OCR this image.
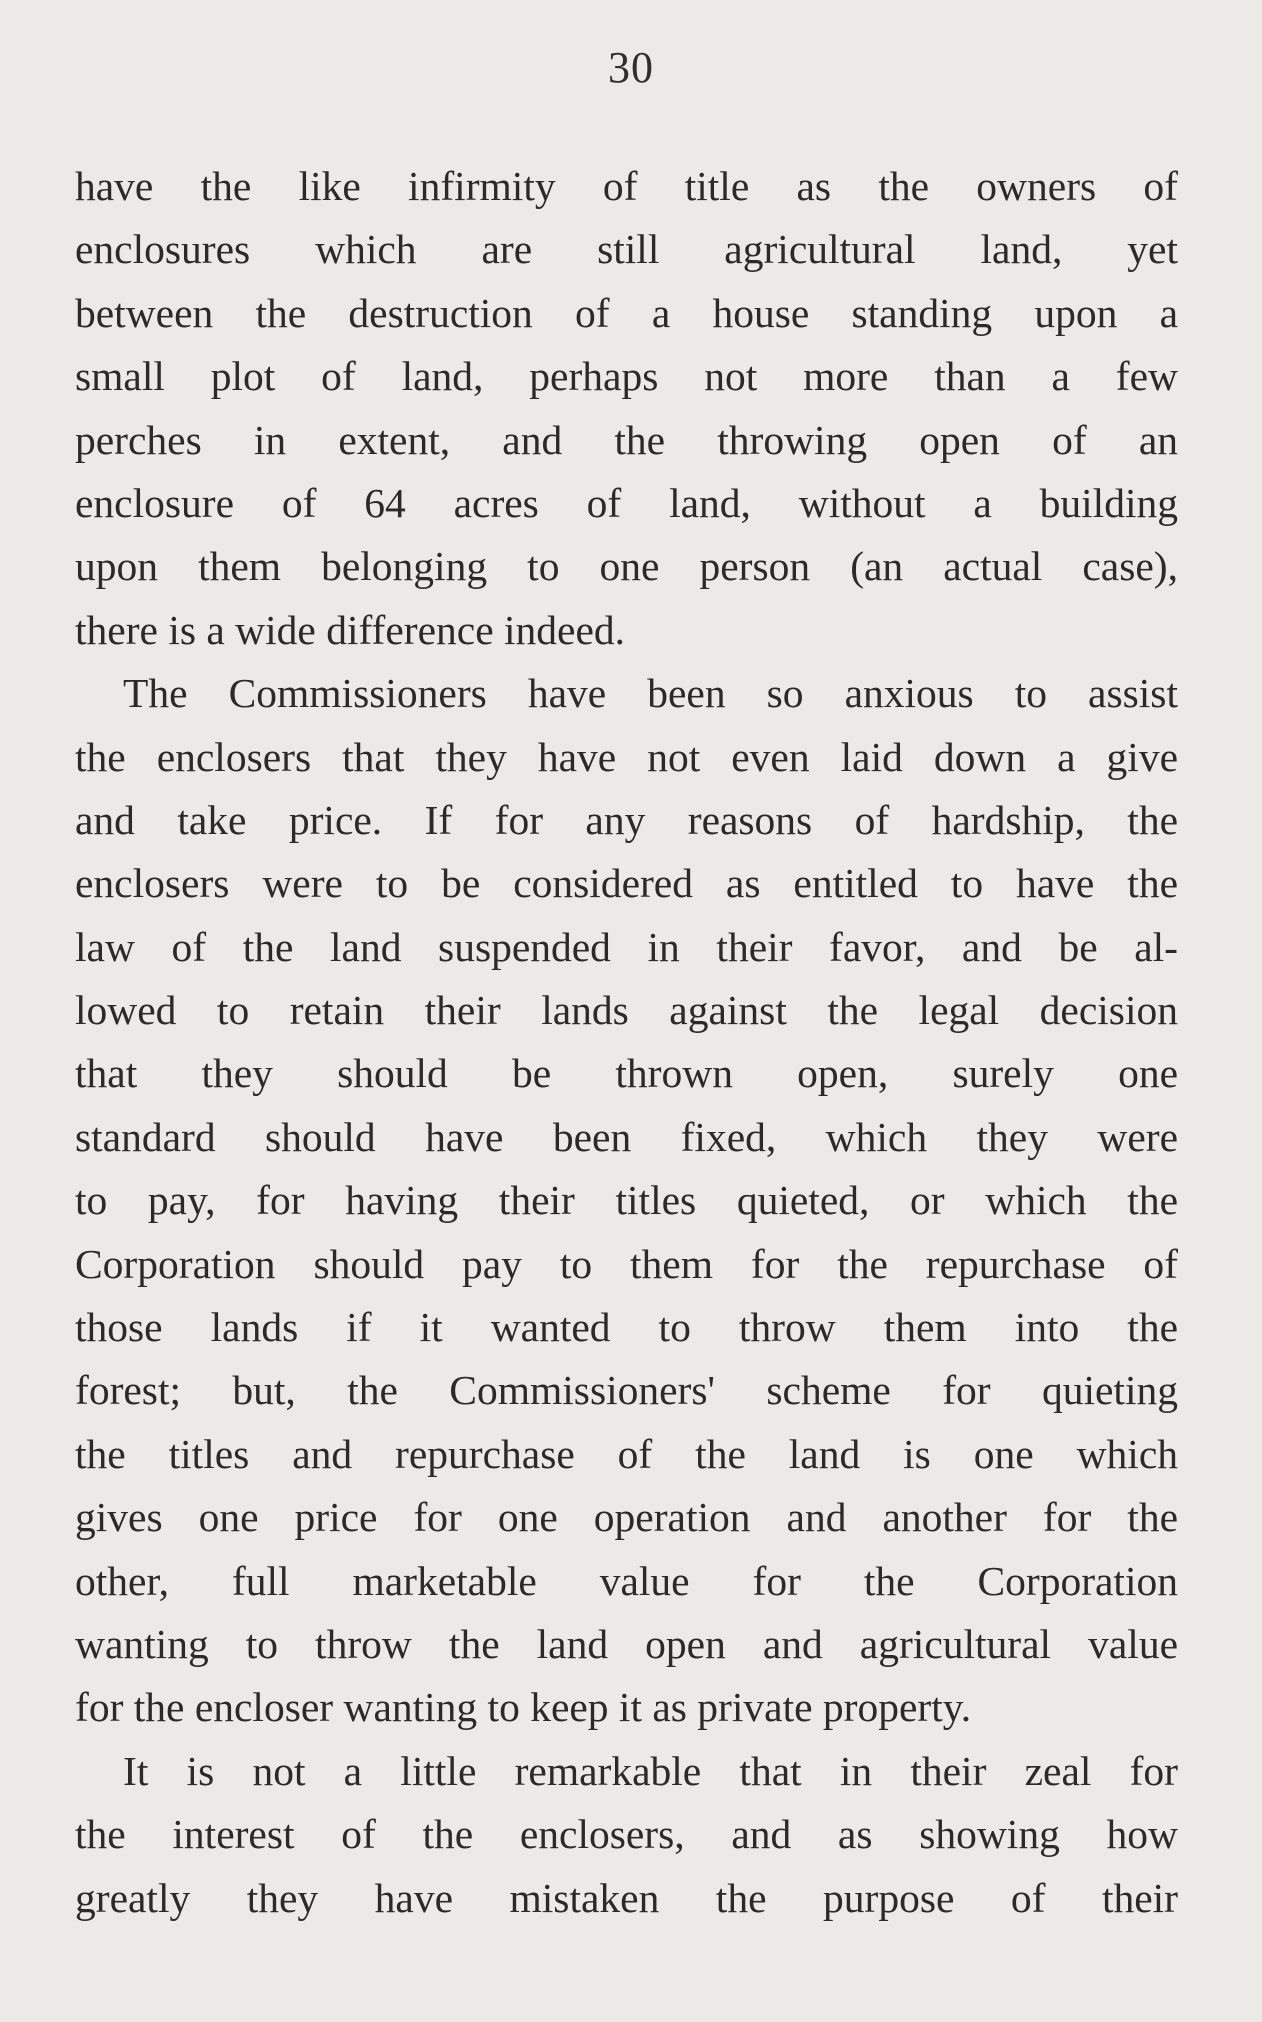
30
have the like infirmity of title as the owners of
enclosures which are still agricultural land, yet
between the destruction of a house standing upon a
small plot of land, perhaps not more than a few
perches in extent, and the throwing open of an
enclosure of 64 acres of land, without a building
upon them belonging to one person (an actual case),
there is a wide difference indeed.
The Commissioners have been so anxious to assist
the enclosers that they have not even laid down a give
and take price. If for any reasons of hardship, the
enclosers were to be considered as entitled to have the
law of the land suspended in their favor, and be al-
lowed to retain their lands against the legal decision
that they should be thrown open, surely one
standard should have been fixed, which they were
to pay, for having their titles quieted, or which the
Corporation should pay to them for the repurchase of
those lands if it wanted to throw them into the
forest; but, the Commissioners' scheme for quieting
the titles and repurchase of the land is one which
gives one price for one operation and another for the
other, full marketable value for the Corporation
wanting to throw the land open and agricultural value
for the encloser wanting to keep it as private property.
It is not a little remarkable that in their zeal for
the interest of the enclosers, and as showing how
greatly they have mistaken the purpose of their
